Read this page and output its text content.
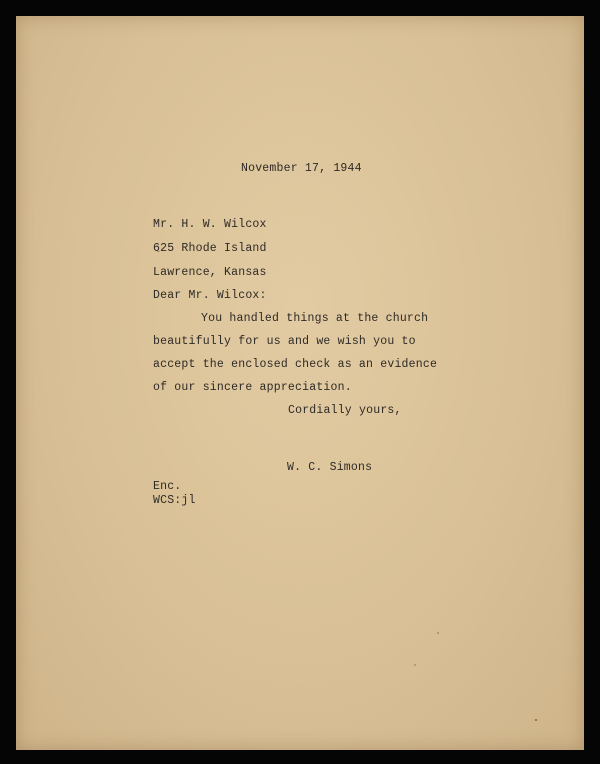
November 17, 1944
Mr. H. W. Wilcox
625 Rhode Island
Lawrence, Kansas
Dear Mr. Wilcox:
You handled things at the church
beautifully for us and we wish you to
accept the enclosed check as an evidence
of our sincere appreciation.
Cordially yours,
W. C. Simons
Enc.
WCS:jl
